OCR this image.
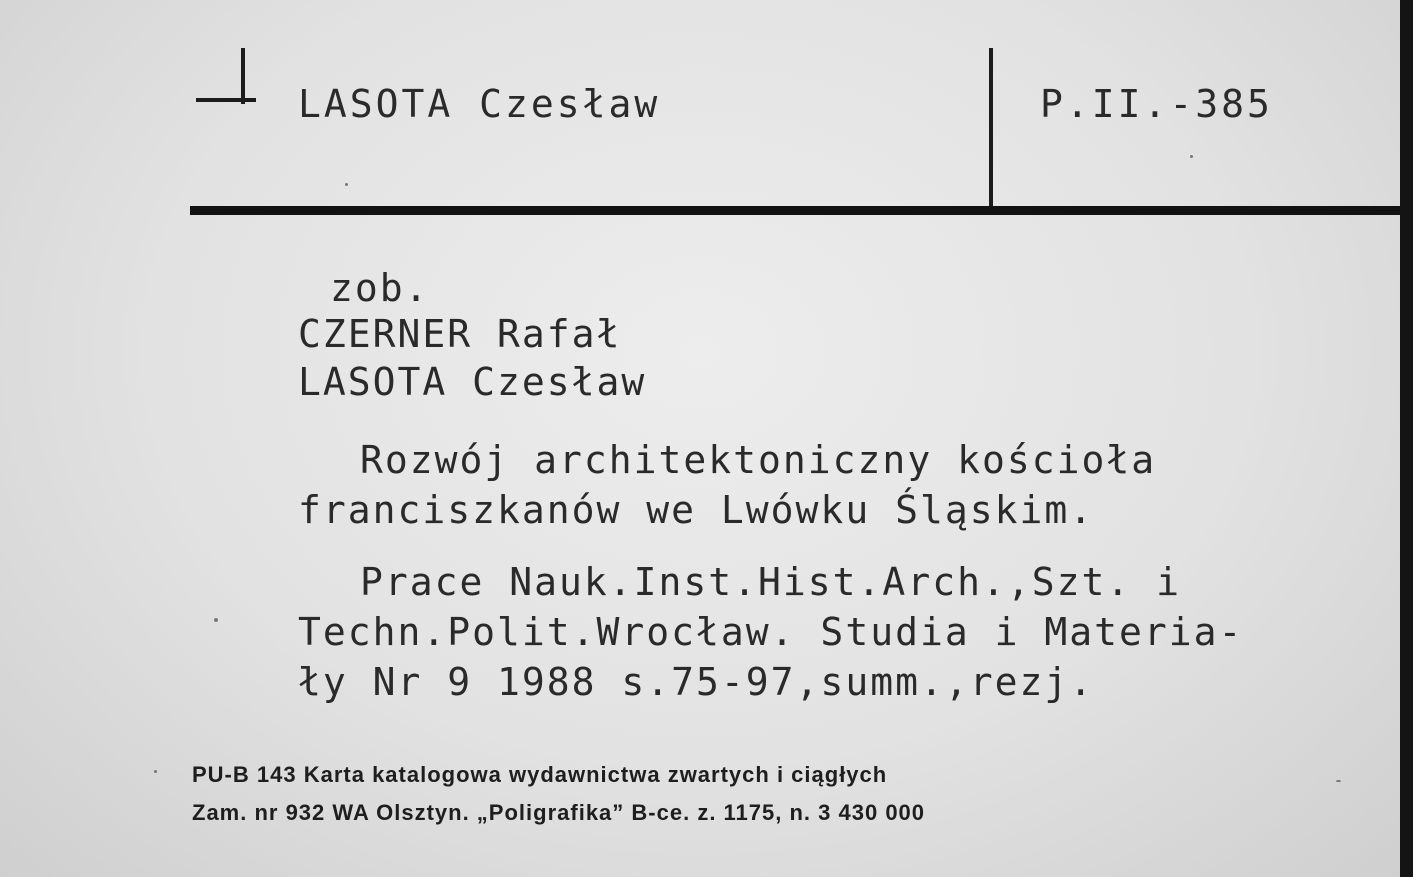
LASOTA Czesław	P.II.-385
zob.
CZERNER Rafał
LASOTA Czesław
Rozwój architektoniczny kościoła
franciszkanów we Lwówku Śląskim.
Prace Nauk.Inst.Hist.Arch.,Szt. i
Techn.Polit.Wrocław. Studia i Materia-
ły Nr 9 1988 s.75-97,summ.,rezj.
PU-B 143 Karta katalogowa wydawnictwa zwartych i ciągłych
Zam. nr 932 WA Olsztyn. „Poligrafika” B-ce. z. 1175, n. 3 430 000
